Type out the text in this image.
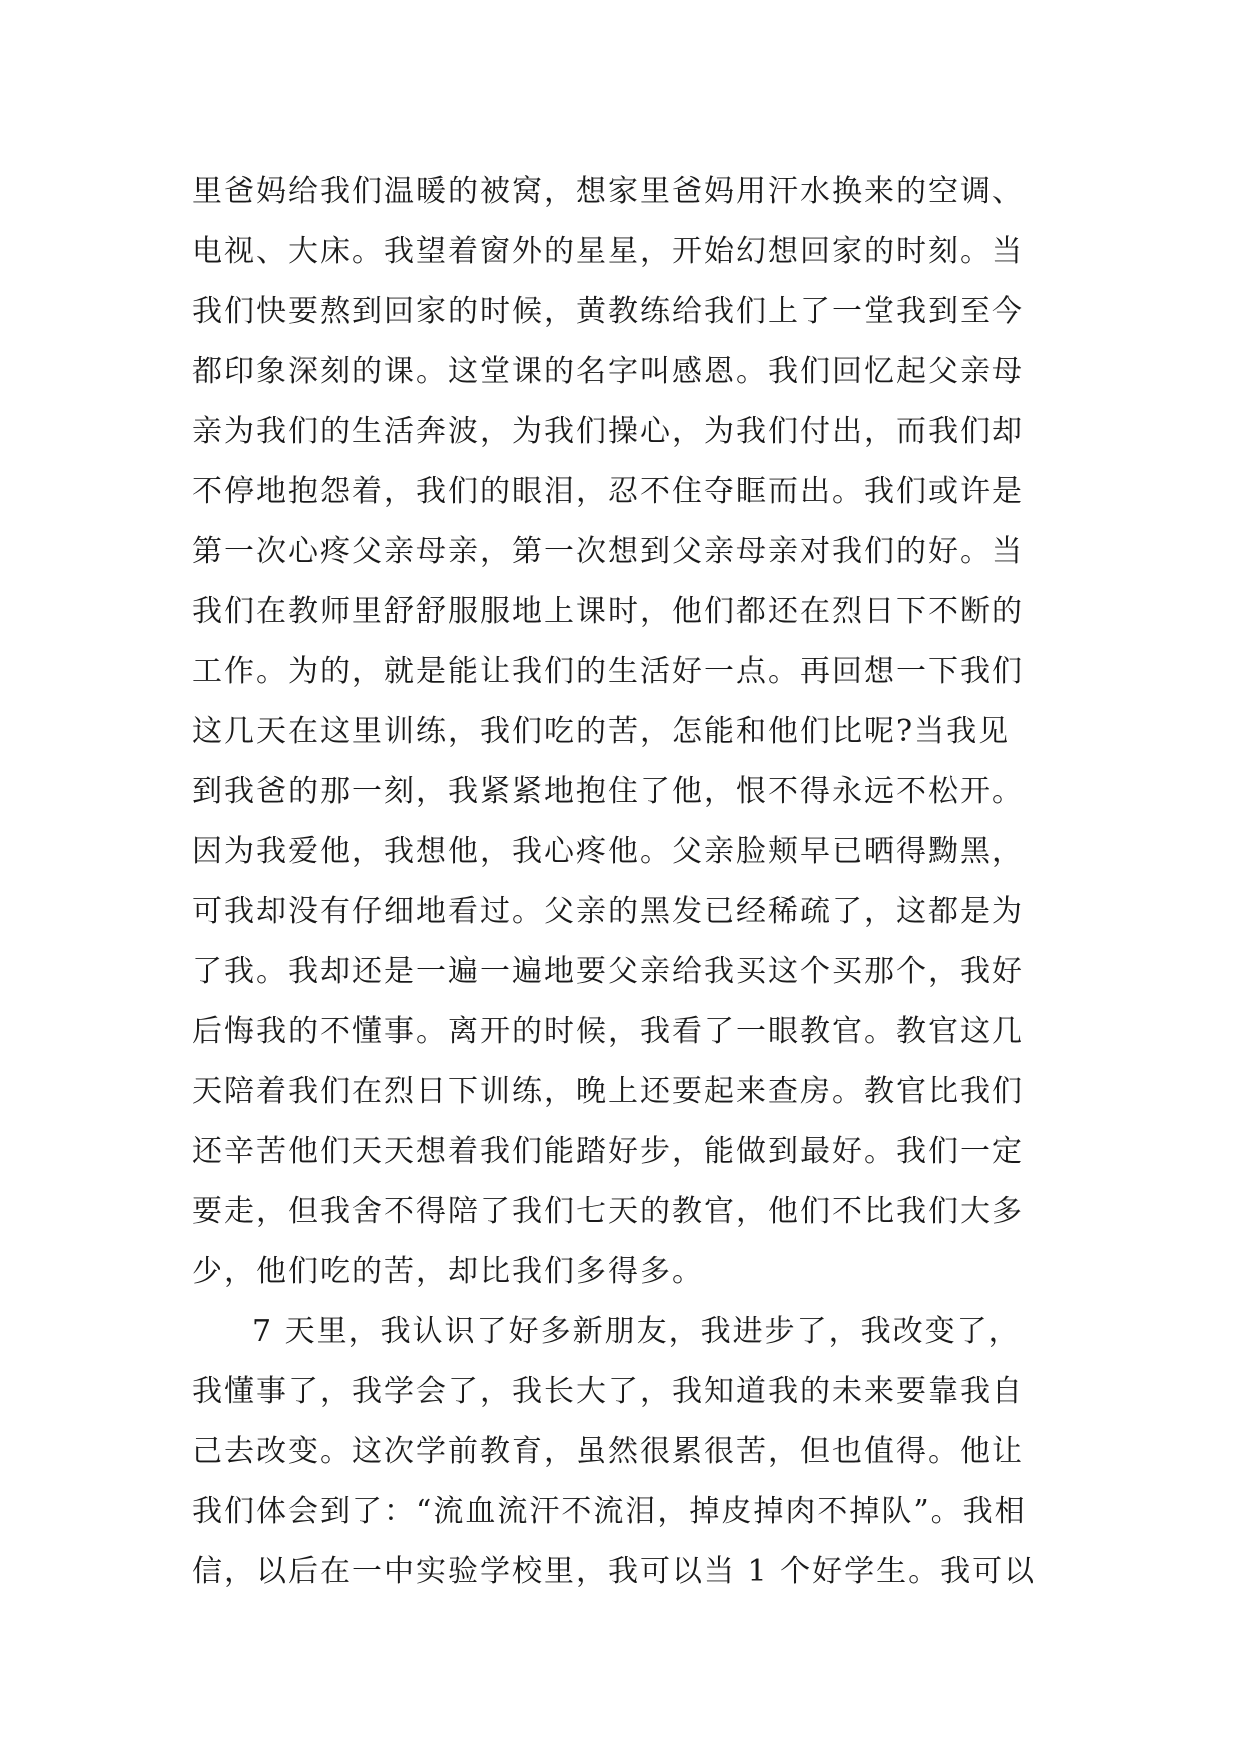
里爸妈给我们温暖的被窝，想家里爸妈用汗水换来的空调、
电视、大床。我望着窗外的星星，开始幻想回家的时刻。当
我们快要熬到回家的时候，黄教练给我们上了一堂我到至今
都印象深刻的课。这堂课的名字叫感恩。我们回忆起父亲母
亲为我们的生活奔波，为我们操心，为我们付出，而我们却
不停地抱怨着，我们的眼泪，忍不住夺眶而出。我们或许是
第一次心疼父亲母亲，第一次想到父亲母亲对我们的好。当
我们在教师里舒舒服服地上课时，他们都还在烈日下不断的
工作。为的，就是能让我们的生活好一点。再回想一下我们
这几天在这里训练，我们吃的苦，怎能和他们比呢?当我见
到我爸的那一刻，我紧紧地抱住了他，恨不得永远不松开。
因为我爱他，我想他，我心疼他。父亲脸颊早已晒得黝黑，
可我却没有仔细地看过。父亲的黑发已经稀疏了，这都是为
了我。我却还是一遍一遍地要父亲给我买这个买那个，我好
后悔我的不懂事。离开的时候，我看了一眼教官。教官这几
天陪着我们在烈日下训练，晚上还要起来查房。教官比我们
还辛苦他们天天想着我们能踏好步，能做到最好。我们一定
要走，但我舍不得陪了我们七天的教官，他们不比我们大多
少，他们吃的苦，却比我们多得多。
7 天里，我认识了好多新朋友，我进步了，我改变了，
我懂事了，我学会了，我长大了，我知道我的未来要靠我自
己去改变。这次学前教育，虽然很累很苦，但也值得。他让
我们体会到了：“流血流汗不流泪，掉皮掉肉不掉队”。我相
信，以后在一中实验学校里，我可以当 1 个好学生。我可以
